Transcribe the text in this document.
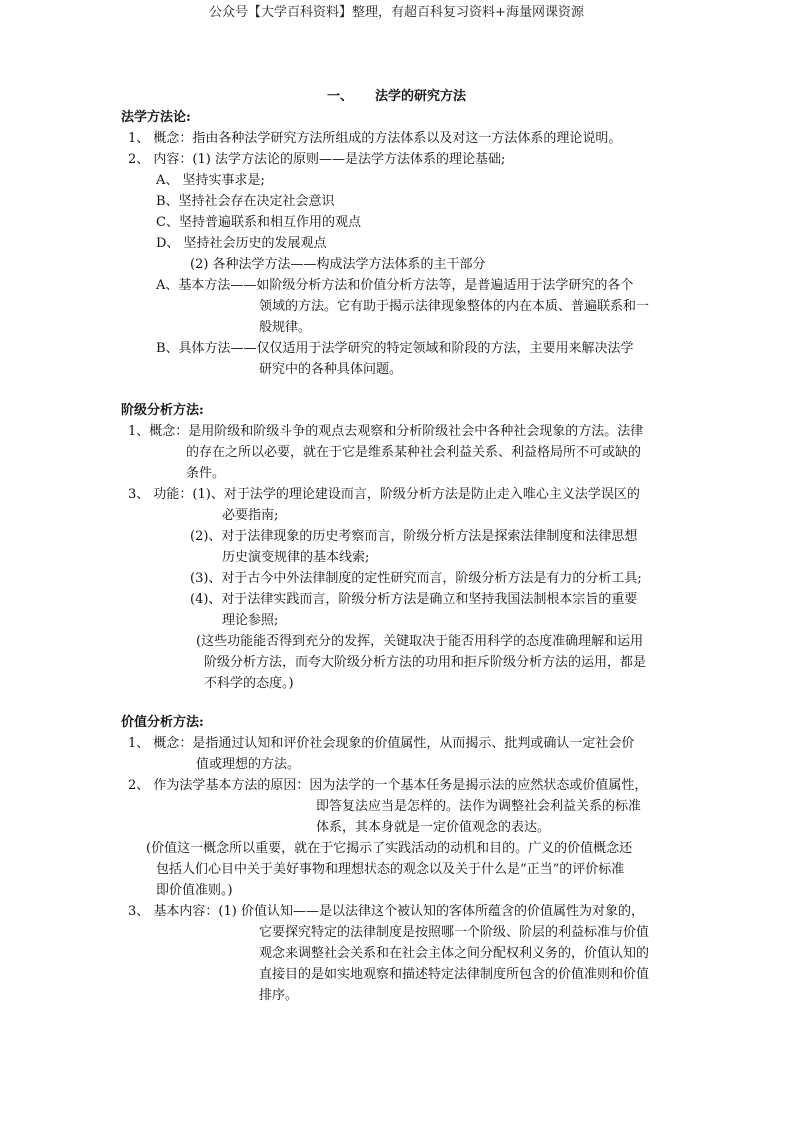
公众号【大学百科资料】整理，有超百科复习资料+海量网课资源
一、 法学的研究方法
法学方法论:
1、 概念：指由各种法学研究方法所组成的方法体系以及对这一方法体系的理论说明。
2、 内容：(1) 法学方法论的原则——是法学方法体系的理论基础;
A、 坚持实事求是;
B、坚持社会存在决定社会意识
C、坚持普遍联系和相互作用的观点
D、 坚持社会历史的发展观点
(2) 各种法学方法——构成法学方法体系的主干部分
A、基本方法——如阶级分析方法和价值分析方法等，是普遍适用于法学研究的各个
领域的方法。它有助于揭示法律现象整体的内在本质、普遍联系和一
般规律。
B、具体方法——仅仅适用于法学研究的特定领域和阶段的方法，主要用来解决法学
研究中的各种具体问题。
阶级分析方法:
1、概念：是用阶级和阶级斗争的观点去观察和分析阶级社会中各种社会现象的方法。法律
的存在之所以必要，就在于它是维系某种社会利益关系、利益格局所不可或缺的
条件。
3、 功能：(1)、对于法学的理论建设而言，阶级分析方法是防止走入唯心主义法学误区的
必要指南;
(2)、对于法律现象的历史考察而言，阶级分析方法是探索法律制度和法律思想
历史演变规律的基本线索;
(3)、对于古今中外法律制度的定性研究而言，阶级分析方法是有力的分析工具;
(4)、对于法律实践而言，阶级分析方法是确立和坚持我国法制根本宗旨的重要
理论参照;
(这些功能能否得到充分的发挥，关键取决于能否用科学的态度准确理解和运用
阶级分析方法，而夸大阶级分析方法的功用和拒斥阶级分析方法的运用，都是
不科学的态度。)
价值分析方法:
1、 概念：是指通过认知和评价社会现象的价值属性，从而揭示、批判或确认一定社会价
值或理想的方法。
2、 作为法学基本方法的原因：因为法学的一个基本任务是揭示法的应然状态或价值属性，
即答复法应当是怎样的。法作为调整社会利益关系的标准
体系，其本身就是一定价值观念的表达。
(价值这一概念所以重要，就在于它揭示了实践活动的动机和目的。广义的价值概念还
包括人们心目中关于美好事物和理想状态的观念以及关于什么是“正当”的评价标准
即价值准则。)
3、 基本内容：(1) 价值认知——是以法律这个被认知的客体所蕴含的价值属性为对象的，
它要探究特定的法律制度是按照哪一个阶级、阶层的利益标准与价值
观念来调整社会关系和在社会主体之间分配权利义务的，价值认知的
直接目的是如实地观察和描述特定法律制度所包含的价值准则和价值
排序。
